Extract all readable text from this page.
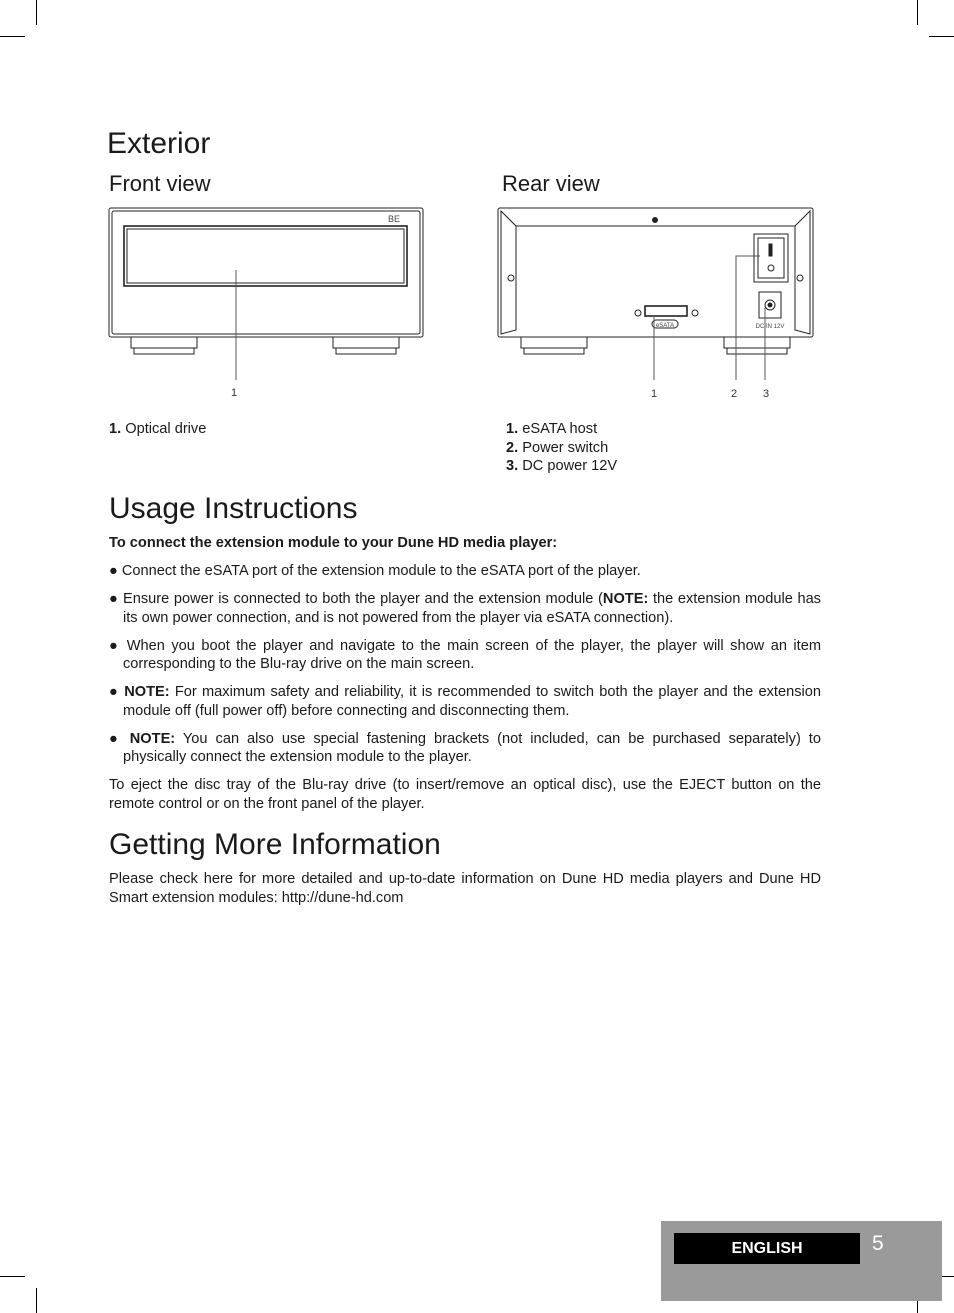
Exterior
Front view	Rear view
BE
1
eSATA	DC IN 12V
1	2 3
1. Optical drive	1. eSATA host
2. Power switch
3. DC power 12V
Usage Instructions

To connect the extension module to your Dune HD media player:

● Connect the eSATA port of the extension module to the eSATA port of the player.

● Ensure power is connected to both the player and the extension module (NOTE: the extension module has its own power connection, and is not powered from the player via eSATA connection).

● When you boot the player and navigate to the main screen of the player, the player will show an item corresponding to the Blu-ray drive on the main screen.

● NOTE: For maximum safety and reliability, it is recommended to switch both the player and the extension module off (full power off) before connecting and disconnecting them.

● NOTE: You can also use special fastening brackets (not included, can be purchased separately) to physically connect the extension module to the player.

To eject the disc tray of the Blu-ray drive (to insert/remove an optical disc), use the EJECT button on the remote control or on the front panel of the player.

Getting More Information

Please check here for more detailed and up-to-date information on Dune HD media players and Dune HD Smart extension modules: http://dune-hd.com

ENGLISH	5
